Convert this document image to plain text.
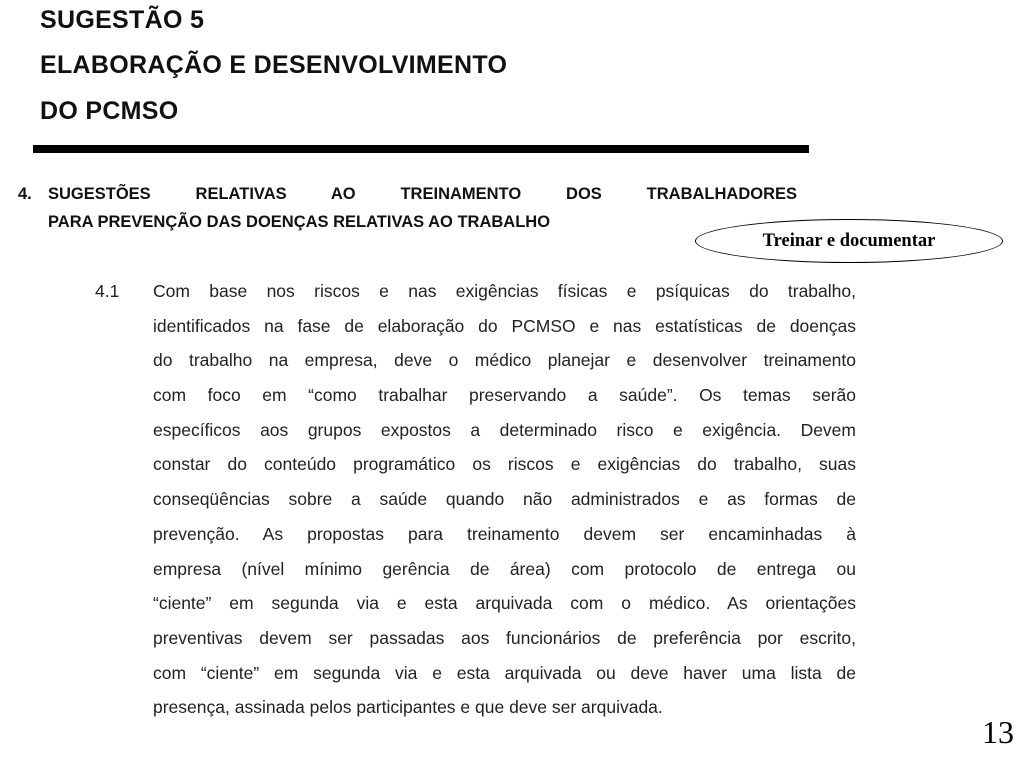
SUGESTÃO 5
ELABORAÇÃO E DESENVOLVIMENTO
DO PCMSO
4. SUGESTÕES RELATIVAS AO TREINAMENTO DOS TRABALHADORES
PARA PREVENÇÃO DAS DOENÇAS RELATIVAS AO TRABALHO
Treinar e documentar
4.1 Com base nos riscos e nas exigências físicas e psíquicas do trabalho,
identificados na fase de elaboração do PCMSO e nas estatísticas de doenças
do trabalho na empresa, deve o médico planejar e desenvolver treinamento
com foco em “como trabalhar preservando a saúde”. Os temas serão
específicos aos grupos expostos a determinado risco e exigência. Devem
constar do conteúdo programático os riscos e exigências do trabalho, suas
conseqüências sobre a saúde quando não administrados e as formas de
prevenção. As propostas para treinamento devem ser encaminhadas à
empresa (nível mínimo gerência de área) com protocolo de entrega ou
“ciente” em segunda via e esta arquivada com o médico. As orientações
preventivas devem ser passadas aos funcionários de preferência por escrito,
com “ciente” em segunda via e esta arquivada ou deve haver uma lista de
presença, assinada pelos participantes e que deve ser arquivada.
13
